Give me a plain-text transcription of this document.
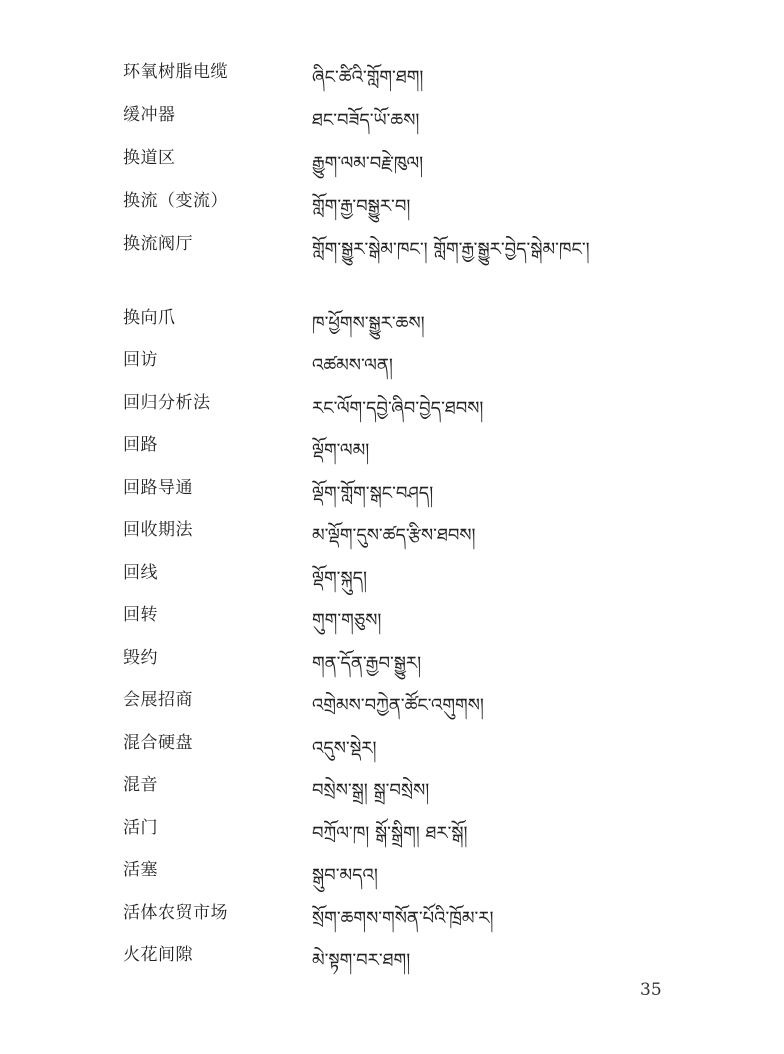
环氧树脂电缆	ཞིང་ཚིའི་གློག་ཐག།
缓冲器	ཐང་བཟོད་ཡོ་ཆས།
换道区	རྒྱུག་ལམ་བརྗེ་ཁུལ།
换流（变流）	གློག་རྒྱ་བསྒྱུར་བ།
换流阀厅	གློག་སྒྱུར་སྒེམ་ཁང་། གློག་རྒྱ་སྒྱུར་བྱེད་སྒེམ་ཁང་།
换向爪	ཁ་ཕྱོགས་སྒྱུར་ཆས།
回访	འཚམས་ལན།
回归分析法	རང་ལོག་དབྱེ་ཞིབ་བྱེད་ཐབས།
回路	ལྡོག་ལམ།
回路导通	ལྡོག་གློག་སྒང་བཤད།
回收期法	མ་ལྡོག་དུས་ཚད་རྩིས་ཐབས།
回线	ལྡོག་སྐུད།
回转	གུག་གཅུས།
毁约	གན་དོན་རྒྱབ་སྒྱུར།
会展招商	འགྲེམས་བཀྱེན་ཚོང་འགུགས།
混合硬盘	འདུས་སྡེར།
混音	བསྲེས་སྒྲ། སྒྲ་བསྲེས།
活门	བཀྲོལ་ཁ། སྒོ་སྒྲིག། ཐར་སྒོ།
活塞	སྒུབ་མདའ།
活体农贸市场	སྲོག་ཆགས་གསོན་པོའི་ཁྲོམ་ར།
火花间隙	མེ་སྟག་བར་ཐག།
35
